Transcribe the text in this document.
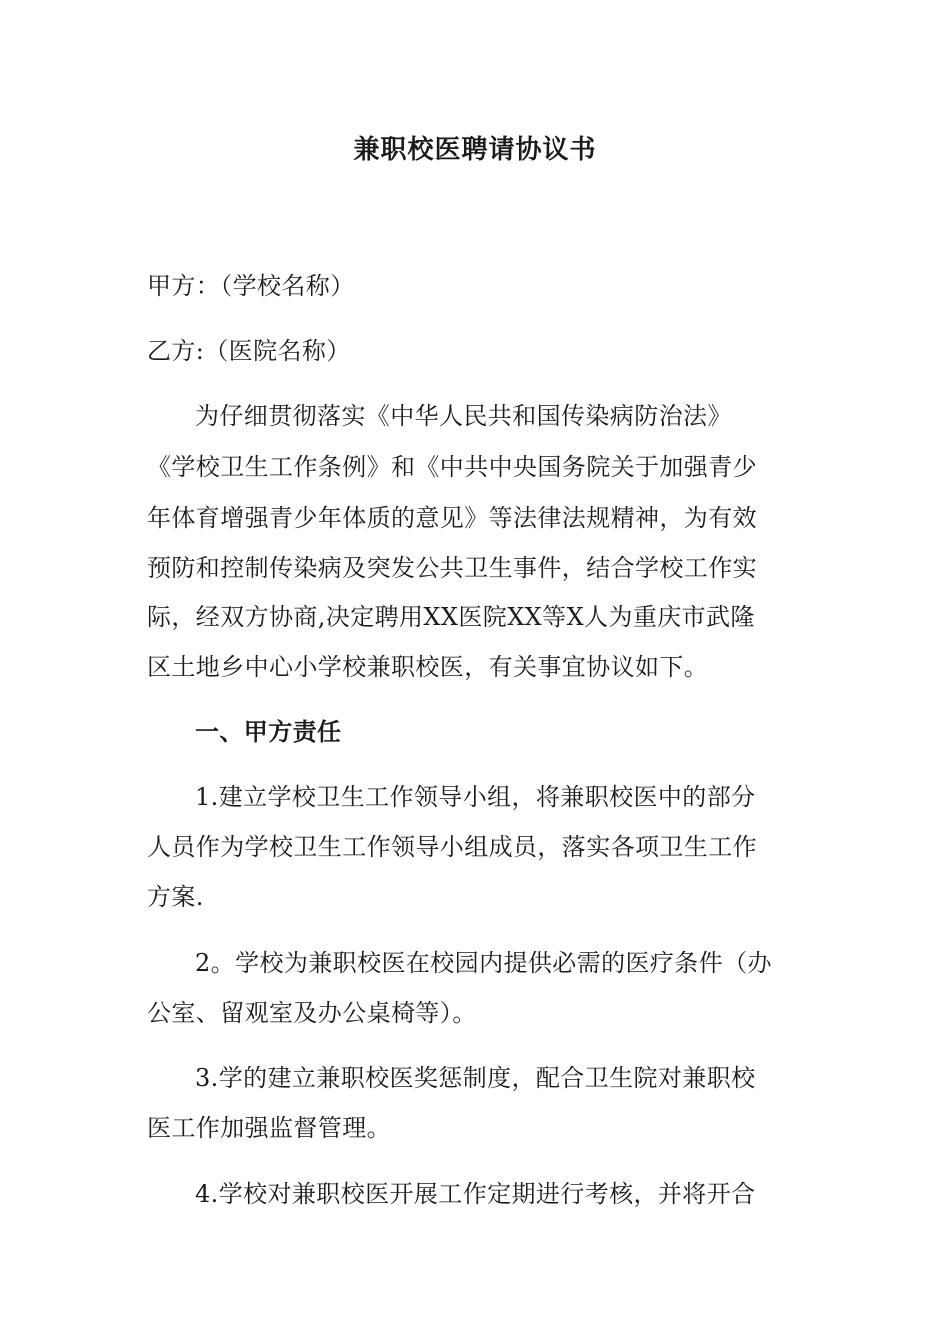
兼职校医聘请协议书
甲方：（学校名称）
乙方:（医院名称）
为仔细贯彻落实《中华人民共和国传染病防治法》
《学校卫生工作条例》和《中共中央国务院关于加强青少
年体育增强青少年体质的意见》等法律法规精神，为有效
预防和控制传染病及突发公共卫生事件，结合学校工作实
际，经双方协商,决定聘用XX医院XX等X人为重庆市武隆
区土地乡中心小学校兼职校医，有关事宜协议如下。
一、甲方责任
1.建立学校卫生工作领导小组，将兼职校医中的部分
人员作为学校卫生工作领导小组成员，落实各项卫生工作
方案.
2。学校为兼职校医在校园内提供必需的医疗条件（办
公室、留观室及办公桌椅等）。
3.学的建立兼职校医奖惩制度，配合卫生院对兼职校
医工作加强监督管理。
4.学校对兼职校医开展工作定期进行考核，并将开合
